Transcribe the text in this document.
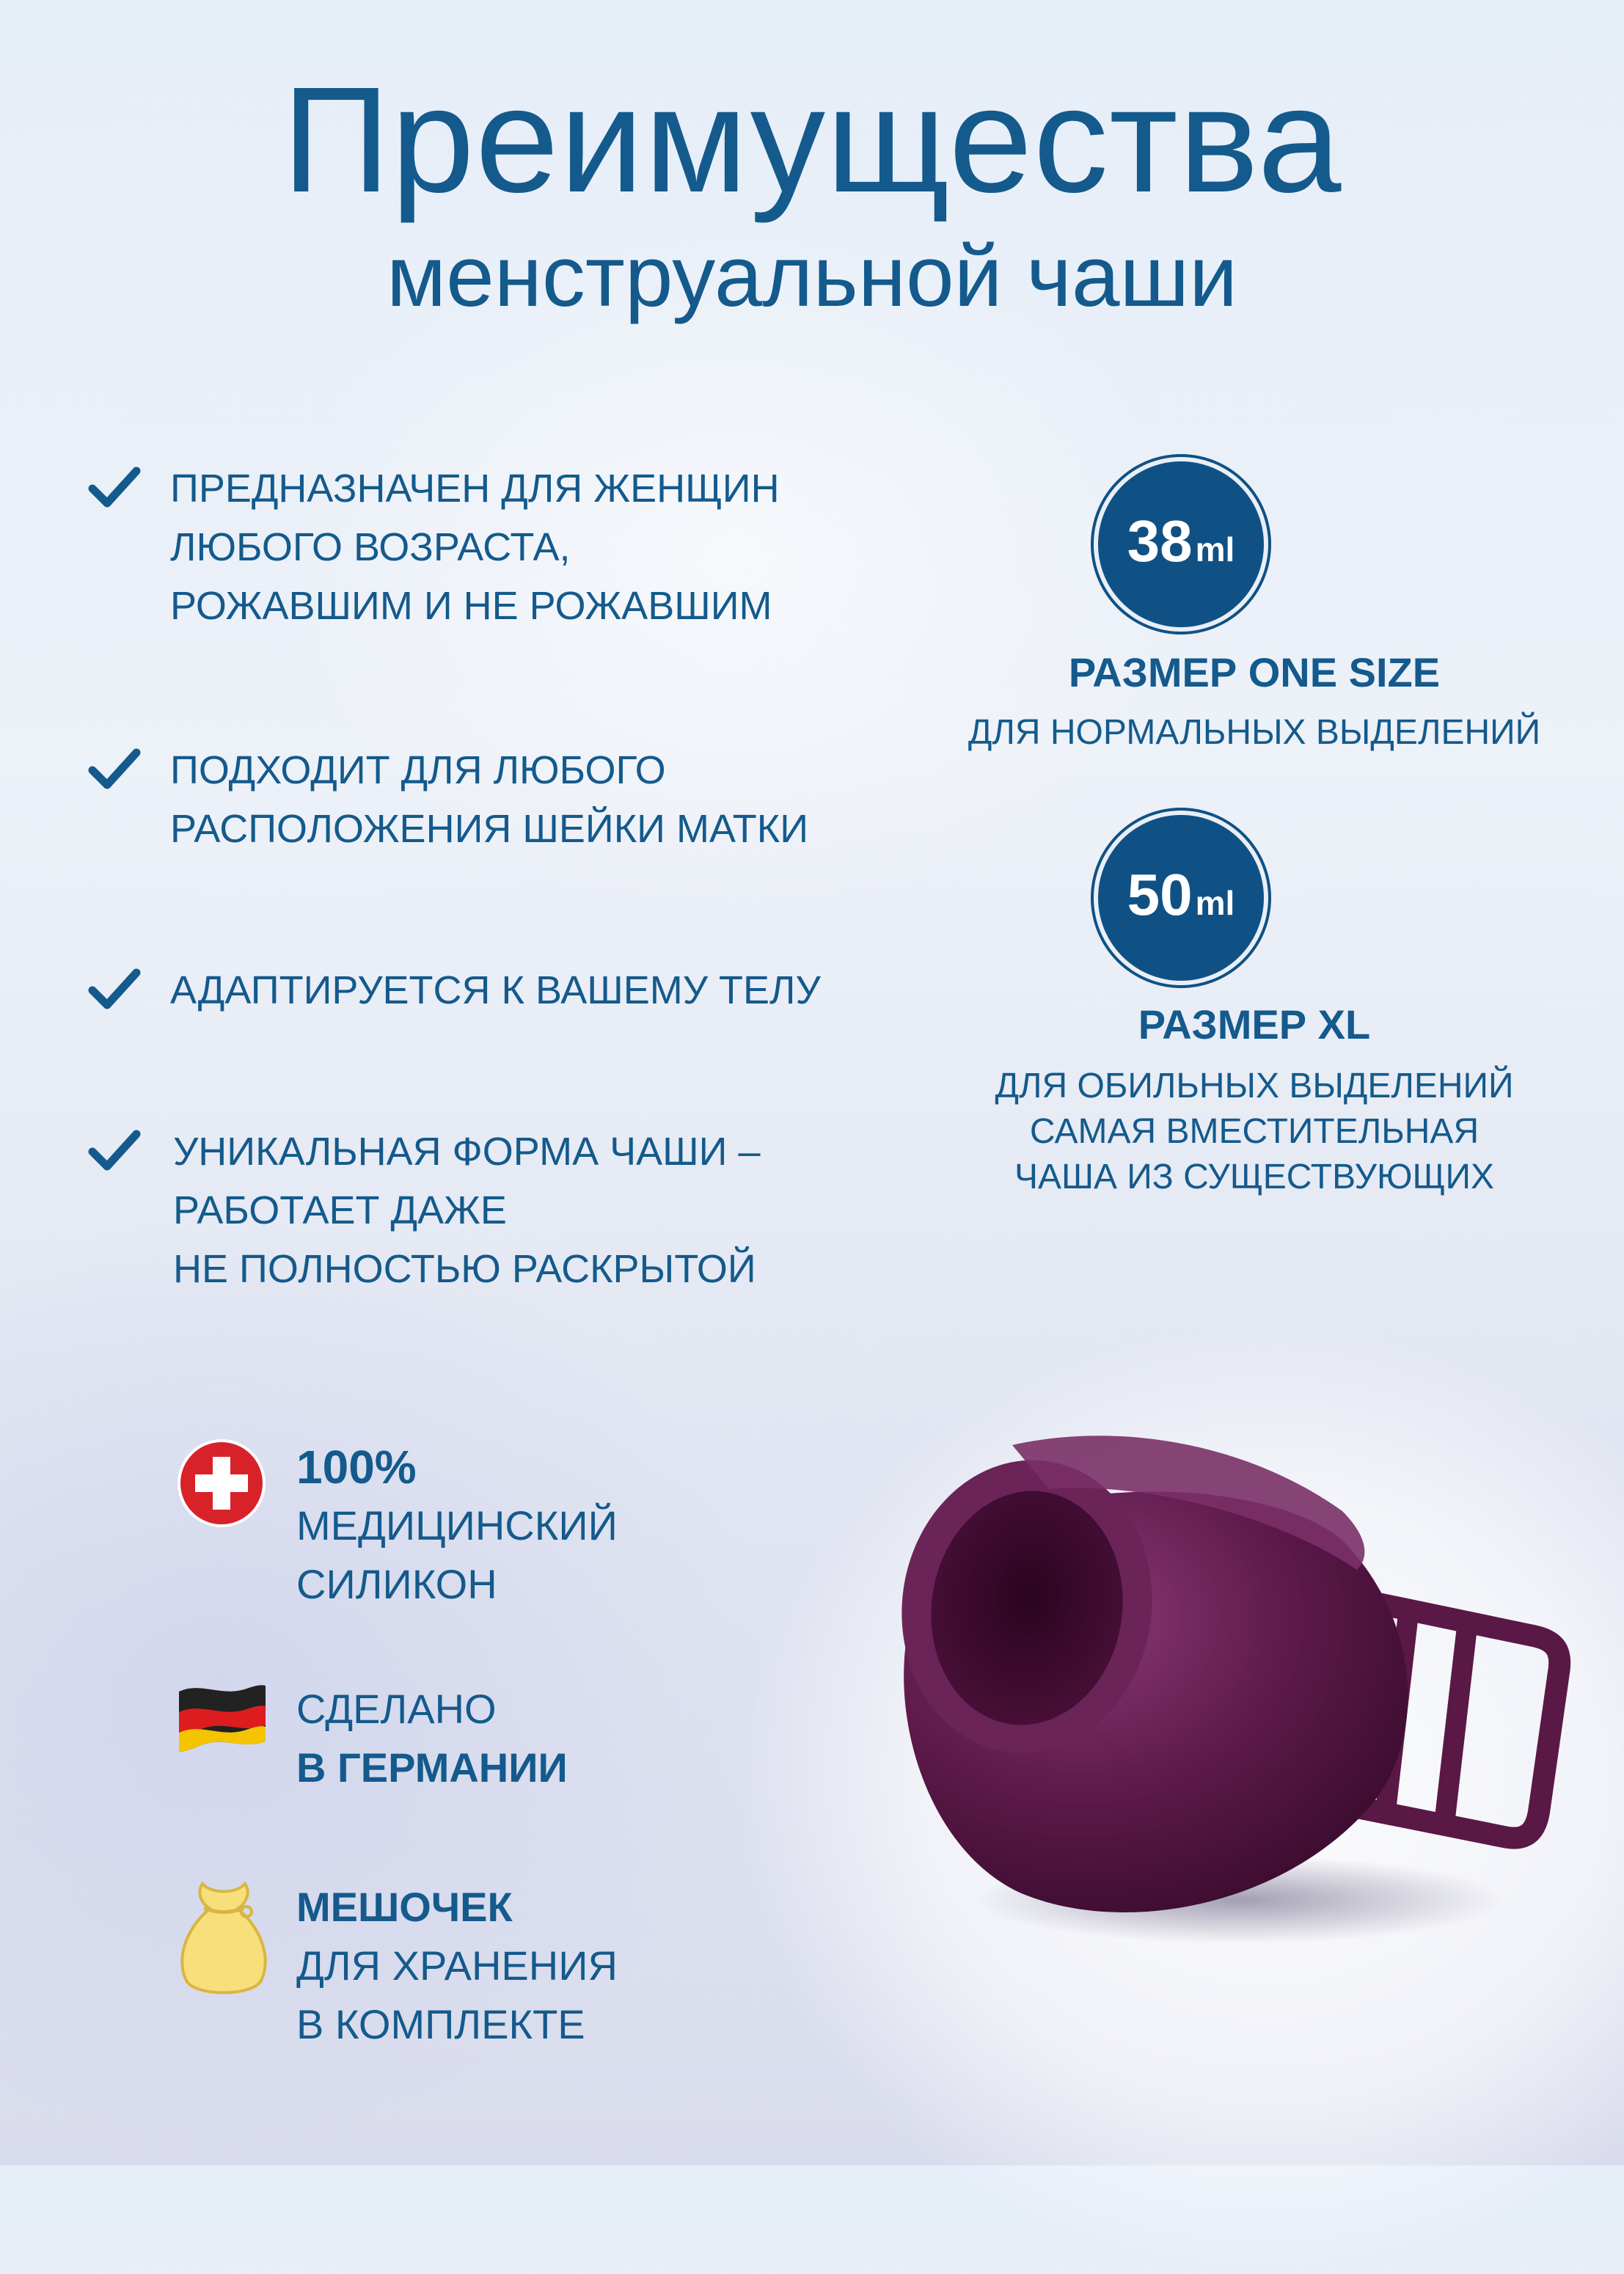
Преимущества
менструальной чаши
ПРЕДНАЗНАЧЕН ДЛЯ ЖЕНЩИН
ЛЮБОГО ВОЗРАСТА,
РОЖАВШИМ И НЕ РОЖАВШИМ
ПОДХОДИТ ДЛЯ ЛЮБОГО
РАСПОЛОЖЕНИЯ ШЕЙКИ МАТКИ
АДАПТИРУЕТСЯ К ВАШЕМУ ТЕЛУ
УНИКАЛЬНАЯ ФОРМА ЧАШИ –
РАБОТАЕТ ДАЖЕ
НЕ ПОЛНОСТЬЮ РАСКРЫТОЙ
38ml
РАЗМЕР ONE SIZE
ДЛЯ НОРМАЛЬНЫХ ВЫДЕЛЕНИЙ
50ml
РАЗМЕР XL
ДЛЯ ОБИЛЬНЫХ ВЫДЕЛЕНИЙ
САМАЯ ВМЕСТИТЕЛЬНАЯ
ЧАША ИЗ СУЩЕСТВУЮЩИХ
100%
МЕДИЦИНСКИЙ
СИЛИКОН
СДЕЛАНО
В ГЕРМАНИИ
МЕШОЧЕК
ДЛЯ ХРАНЕНИЯ
В КОМПЛЕКТЕ
